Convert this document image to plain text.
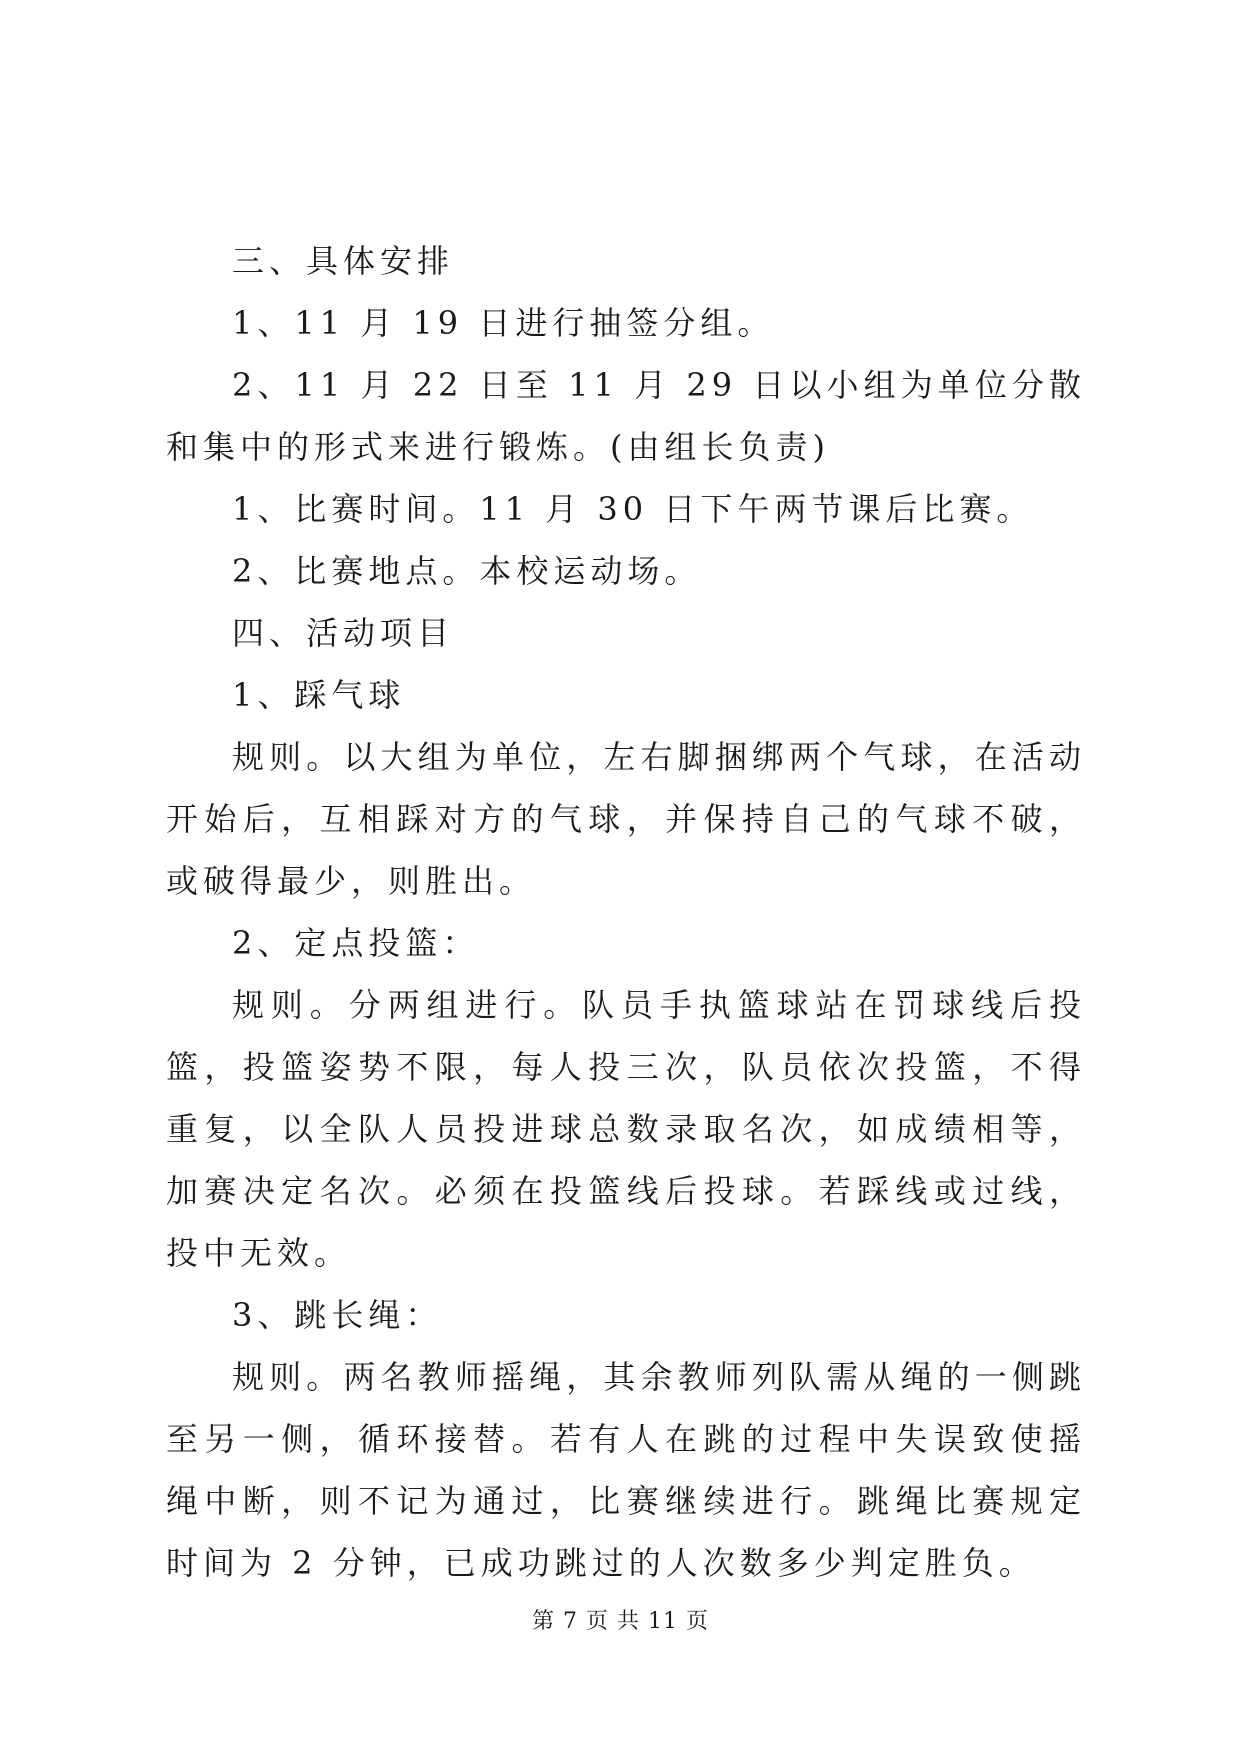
三、具体安排

1、11 月 19 日进行抽签分组。

2、11 月 22 日至 11 月 29 日以小组为单位分散和集中的形式来进行锻炼。(由组长负责)

1、比赛时间。11 月 30 日下午两节课后比赛。

2、比赛地点。本校运动场。

四、活动项目

1、踩气球

规则。以大组为单位，左右脚捆绑两个气球，在活动开始后，互相踩对方的气球，并保持自己的气球不破，或破得最少，则胜出。

2、定点投篮：

规则。分两组进行。队员手执篮球站在罚球线后投篮，投篮姿势不限，每人投三次，队员依次投篮，不得重复，以全队人员投进球总数录取名次，如成绩相等，加赛决定名次。必须在投篮线后投球。若踩线或过线，投中无效。

3、跳长绳：

规则。两名教师摇绳，其余教师列队需从绳的一侧跳至另一侧，循环接替。若有人在跳的过程中失误致使摇绳中断，则不记为通过，比赛继续进行。跳绳比赛规定时间为 2 分钟，已成功跳过的人次数多少判定胜负。

第 7 页 共 11 页
